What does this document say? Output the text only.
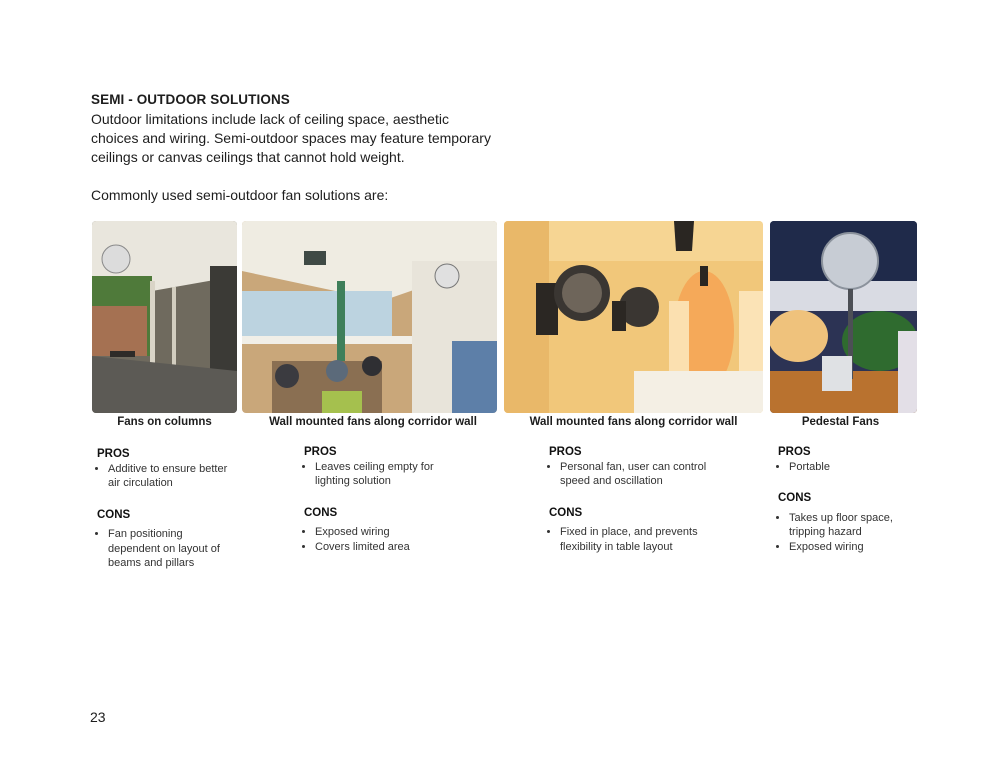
SEMI - OUTDOOR SOLUTIONS
Outdoor limitations include lack of ceiling space, aesthetic choices and wiring. Semi-outdoor spaces may feature temporary ceilings or canvas ceilings that cannot hold weight.
Commonly used semi-outdoor fan solutions are:
Fans on columns	Wall mounted fans along corridor wall	Wall mounted fans along corridor wall	Pedestal Fans
PROS
• Additive to ensure better air circulation
CONS
• Fan positioning dependent on layout of beams and pillars
PROS
• Leaves ceiling empty for lighting solution
CONS
• Exposed wiring
• Covers limited area
PROS
• Personal fan, user can control speed and oscillation
CONS
• Fixed in place, and prevents flexibility in table layout
PROS
• Portable
CONS
• Takes up floor space, tripping hazard
• Exposed wiring
23
